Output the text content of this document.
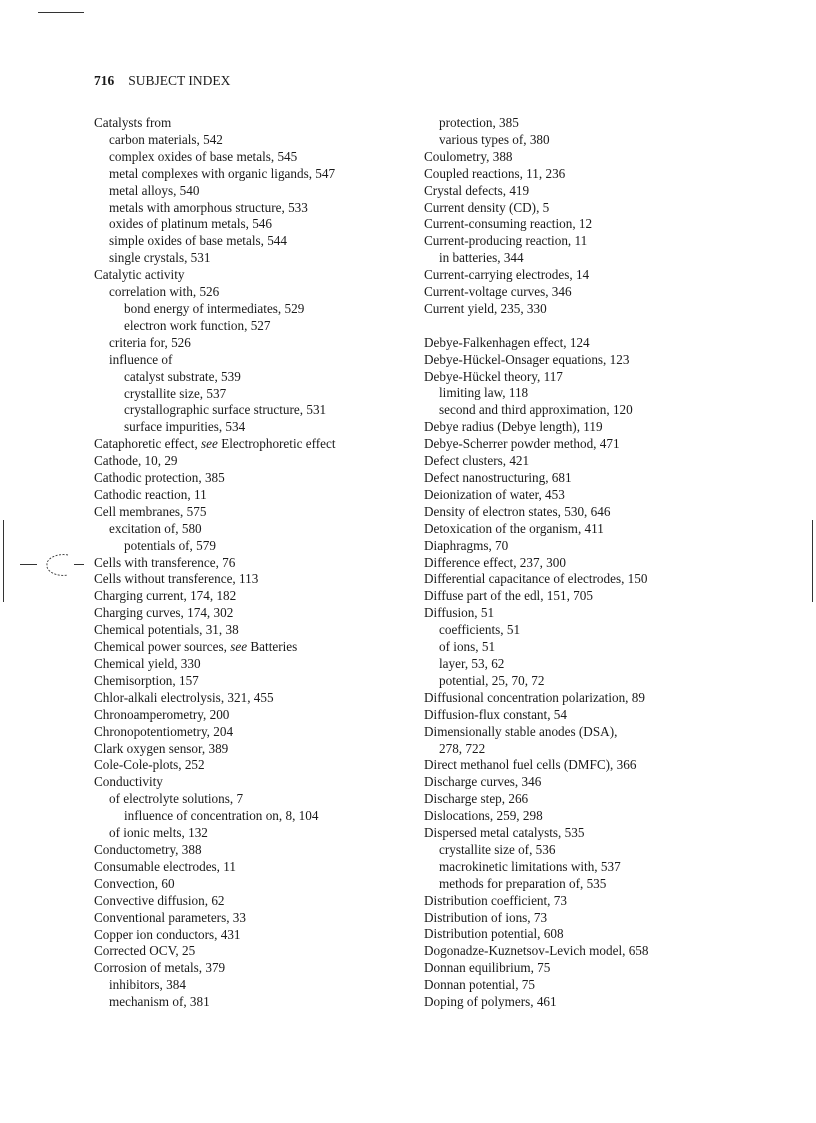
716 SUBJECT INDEX
Catalysts from
carbon materials, 542
complex oxides of base metals, 545
metal complexes with organic ligands, 547
metal alloys, 540
metals with amorphous structure, 533
oxides of platinum metals, 546
simple oxides of base metals, 544
single crystals, 531
Catalytic activity
correlation with, 526
bond energy of intermediates, 529
electron work function, 527
criteria for, 526
influence of
catalyst substrate, 539
crystallite size, 537
crystallographic surface structure, 531
surface impurities, 534
Cataphoretic effect, see Electrophoretic effect
Cathode, 10, 29
Cathodic protection, 385
Cathodic reaction, 11
Cell membranes, 575
excitation of, 580
potentials of, 579
Cells with transference, 76
Cells without transference, 113
Charging current, 174, 182
Charging curves, 174, 302
Chemical potentials, 31, 38
Chemical power sources, see Batteries
Chemical yield, 330
Chemisorption, 157
Chlor-alkali electrolysis, 321, 455
Chronoamperometry, 200
Chronopotentiometry, 204
Clark oxygen sensor, 389
Cole-Cole-plots, 252
Conductivity
of electrolyte solutions, 7
influence of concentration on, 8, 104
of ionic melts, 132
Conductometry, 388
Consumable electrodes, 11
Convection, 60
Convective diffusion, 62
Conventional parameters, 33
Copper ion conductors, 431
Corrected OCV, 25
Corrosion of metals, 379
inhibitors, 384
mechanism of, 381
protection, 385
various types of, 380
Coulometry, 388
Coupled reactions, 11, 236
Crystal defects, 419
Current density (CD), 5
Current-consuming reaction, 12
Current-producing reaction, 11
in batteries, 344
Current-carrying electrodes, 14
Current-voltage curves, 346
Current yield, 235, 330
Debye-Falkenhagen effect, 124
Debye-Hückel-Onsager equations, 123
Debye-Hückel theory, 117
limiting law, 118
second and third approximation, 120
Debye radius (Debye length), 119
Debye-Scherrer powder method, 471
Defect clusters, 421
Defect nanostructuring, 681
Deionization of water, 453
Density of electron states, 530, 646
Detoxication of the organism, 411
Diaphragms, 70
Difference effect, 237, 300
Differential capacitance of electrodes, 150
Diffuse part of the edl, 151, 705
Diffusion, 51
coefficients, 51
of ions, 51
layer, 53, 62
potential, 25, 70, 72
Diffusional concentration polarization, 89
Diffusion-flux constant, 54
Dimensionally stable anodes (DSA),
278, 722
Direct methanol fuel cells (DMFC), 366
Discharge curves, 346
Discharge step, 266
Dislocations, 259, 298
Dispersed metal catalysts, 535
crystallite size of, 536
macrokinetic limitations with, 537
methods for preparation of, 535
Distribution coefficient, 73
Distribution of ions, 73
Distribution potential, 608
Dogonadze-Kuznetsov-Levich model, 658
Donnan equilibrium, 75
Donnan potential, 75
Doping of polymers, 461
